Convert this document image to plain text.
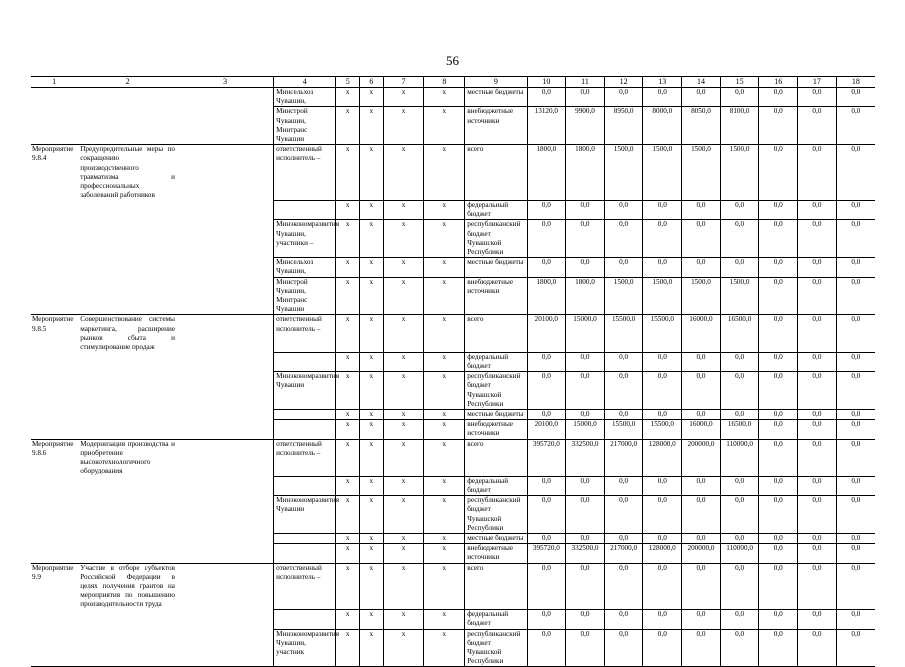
56
1	2	3	4	5	6	7	8	9	10	11	12	13	14	15	16	17	18
			Минсельхоз Чувашии,	х	х	х	х	местные бюджеты	0,0	0,0	0,0	0,0	0,0	0,0	0,0	0,0	0,0
			Минстрой Чувашии, Минтранс Чувашии	х	х	х	х	внебюджетные источники	13120,0	9900,0	8950,0	8000,0	8050,0	8100,0	0,0	0,0	0,0
Мероприятие 9.8.4	Предупредительные меры по сокращению производственного травматизма и профессиональных заболеваний работников		ответственный исполнитель –	х	х	х	х	всего	1800,0	1800,0	1500,0	1500,0	1500,0	1500,0	0,0	0,0	0,0
				х	х	х	х	федеральный бюджет	0,0	0,0	0,0	0,0	0,0	0,0	0,0	0,0	0,0
			Минэкономразвития Чувашии, участники –	х	х	х	х	республиканский бюджет Чувашской Республики	0,0	0,0	0,0	0,0	0,0	0,0	0,0	0,0	0,0
			Минсельхоз Чувашии,	х	х	х	х	местные бюджеты	0,0	0,0	0,0	0,0	0,0	0,0	0,0	0,0	0,0
			Минстрой Чувашии, Минтранс Чувашии	х	х	х	х	внебюджетные источники	1800,0	1800,0	1500,0	1500,0	1500,0	1500,0	0,0	0,0	0,0
Мероприятие 9.8.5	Совершенствование системы маркетинга, расширение рынков сбыта и стимулирование продаж		ответственный исполнитель –	х	х	х	х	всего	20100,0	15000,0	15500,0	15500,0	16000,0	16500,0	0,0	0,0	0,0
				х	х	х	х	федеральный бюджет	0,0	0,0	0,0	0,0	0,0	0,0	0,0	0,0	0,0
			Минэкономразвития Чувашии	х	х	х	х	республиканский бюджет Чувашской Республики	0,0	0,0	0,0	0,0	0,0	0,0	0,0	0,0	0,0
				х	х	х	х	местные бюджеты	0,0	0,0	0,0	0,0	0,0	0,0	0,0	0,0	0,0
				х	х	х	х	внебюджетные источники	20100,0	15000,0	15500,0	15500,0	16000,0	16500,0	0,0	0,0	0,0
Мероприятие 9.8.6	Модернизация производства и приобретение высокотехнологичного оборудования		ответственный исполнитель –	х	х	х	х	всего	395720,0	332500,0	217000,0	128000,0	200000,0	110000,0	0,0	0,0	0,0
				х	х	х	х	федеральный бюджет	0,0	0,0	0,0	0,0	0,0	0,0	0,0	0,0	0,0
			Минэкономразвития Чувашии	х	х	х	х	республиканский бюджет Чувашской Республики	0,0	0,0	0,0	0,0	0,0	0,0	0,0	0,0	0,0
				х	х	х	х	местные бюджеты	0,0	0,0	0,0	0,0	0,0	0,0	0,0	0,0	0,0
				х	х	х	х	внебюджетные источники	395720,0	332500,0	217000,0	128000,0	200000,0	110000,0	0,0	0,0	0,0
Мероприятие 9.9	Участие в отборе субъектов Российской Федерации в целях получения грантов на мероприятия по повышению производительности труда		ответственный исполнитель –	х	х	х	х	всего	0,0	0,0	0,0	0,0	0,0	0,0	0,0	0,0	0,0
				х	х	х	х	федеральный бюджет	0,0	0,0	0,0	0,0	0,0	0,0	0,0	0,0	0,0
			Минэкономразвития Чувашии, участник	х	х	х	х	республиканский бюджет Чувашской Республики	0,0	0,0	0,0	0,0	0,0	0,0	0,0	0,0	0,0
